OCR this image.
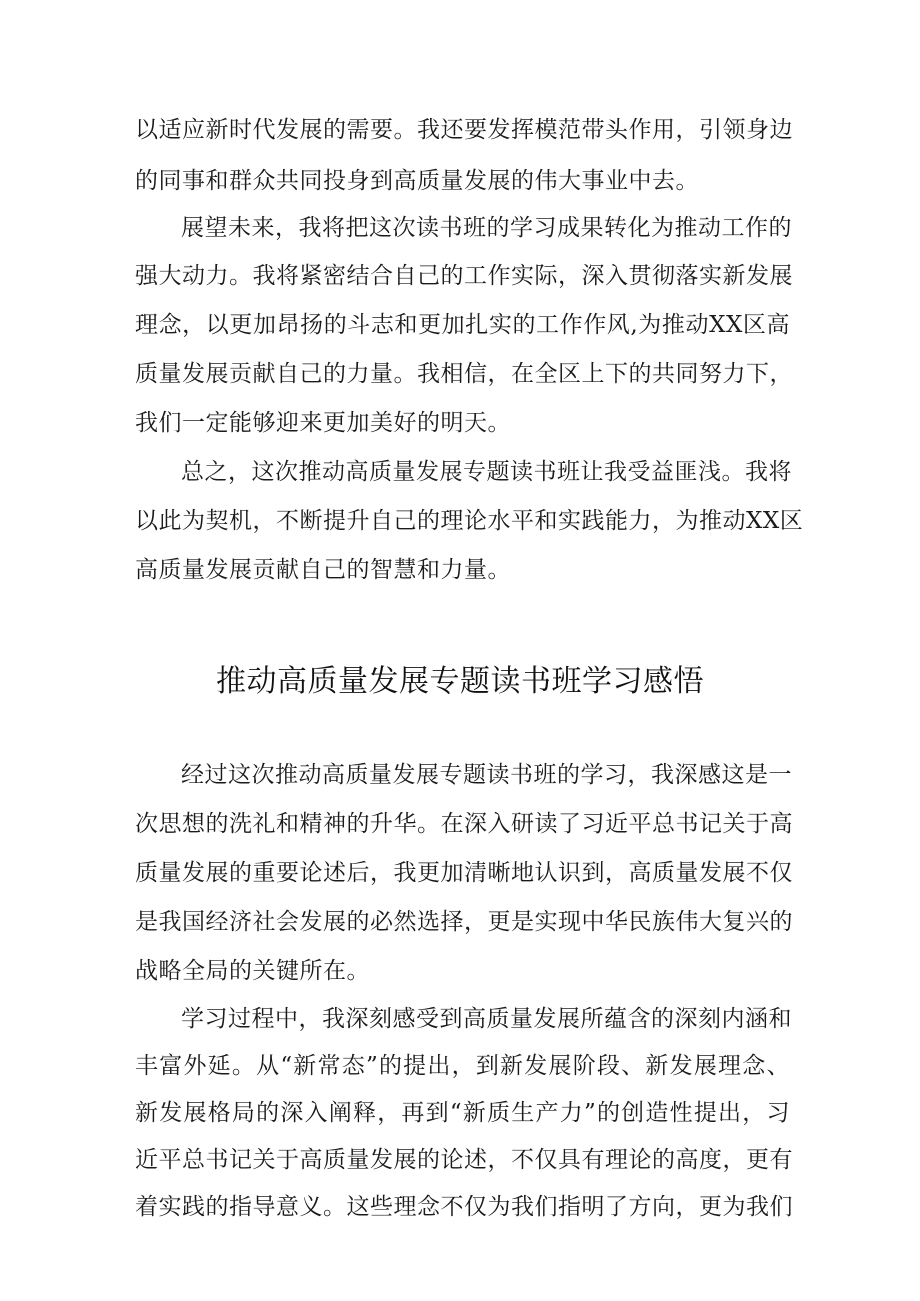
以适应新时代发展的需要。我还要发挥模范带头作用，引领身边
的同事和群众共同投身到高质量发展的伟大事业中去。
展望未来，我将把这次读书班的学习成果转化为推动工作的
强大动力。我将紧密结合自己的工作实际，深入贯彻落实新发展
理念，以更加昂扬的斗志和更加扎实的工作作风,为推动XX区高
质量发展贡献自己的力量。我相信，在全区上下的共同努力下，
我们一定能够迎来更加美好的明天。
总之，这次推动高质量发展专题读书班让我受益匪浅。我将
以此为契机，不断提升自己的理论水平和实践能力，为推动XX区
高质量发展贡献自己的智慧和力量。
推动高质量发展专题读书班学习感悟
经过这次推动高质量发展专题读书班的学习，我深感这是一
次思想的洗礼和精神的升华。在深入研读了习近平总书记关于高
质量发展的重要论述后，我更加清晰地认识到，高质量发展不仅
是我国经济社会发展的必然选择，更是实现中华民族伟大复兴的
战略全局的关键所在。
学习过程中，我深刻感受到高质量发展所蕴含的深刻内涵和
丰富外延。从“新常态”的提出，到新发展阶段、新发展理念、
新发展格局的深入阐释，再到“新质生产力”的创造性提出，习
近平总书记关于高质量发展的论述，不仅具有理论的高度，更有
着实践的指导意义。这些理念不仅为我们指明了方向，更为我们
